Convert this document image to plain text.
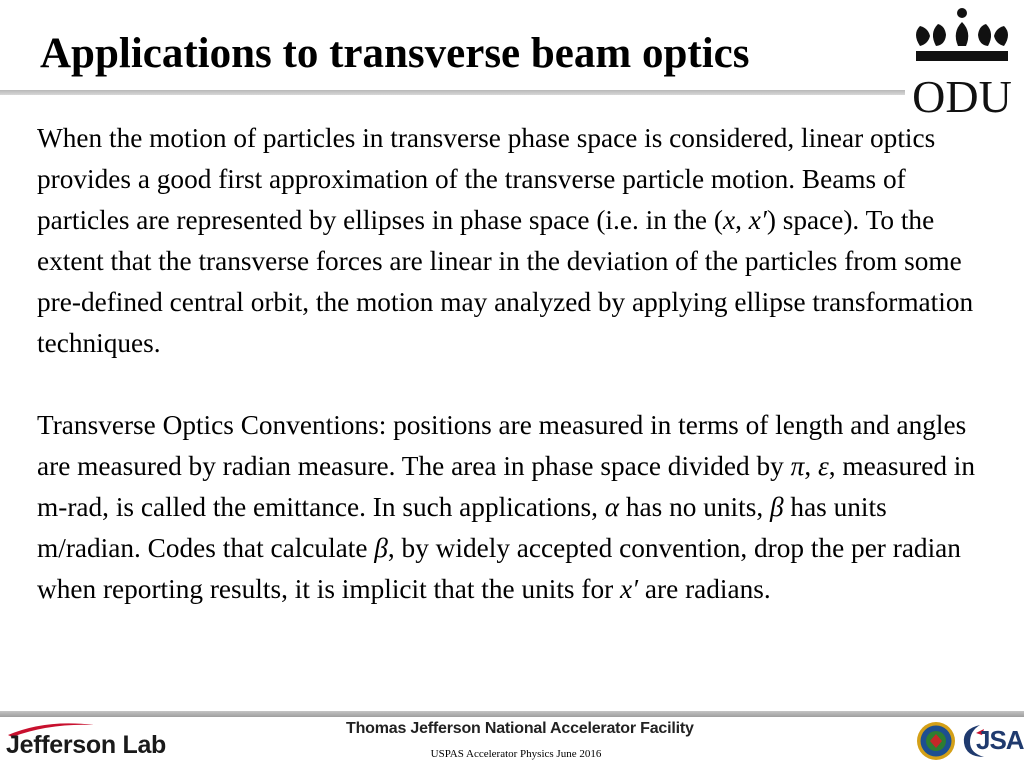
Applications to transverse beam optics
ODU

When the motion of particles in transverse phase space is considered, linear optics provides a good first approximation of the transverse particle motion. Beams of particles are represented by ellipses in phase space (i.e. in the (x, x′) space). To the extent that the transverse forces are linear in the deviation of the particles from some pre-defined central orbit, the motion may analyzed by applying ellipse transformation techniques.

Transverse Optics Conventions: positions are measured in terms of length and angles are measured by radian measure. The area in phase space divided by π, ε, measured in m-rad, is called the emittance. In such applications, α has no units, β has units m/radian. Codes that calculate β, by widely accepted convention, drop the per radian when reporting results, it is implicit that the units for x′ are radians.

Jefferson Lab
Thomas Jefferson National Accelerator Facility
USPAS Accelerator Physics June 2016	JSA
